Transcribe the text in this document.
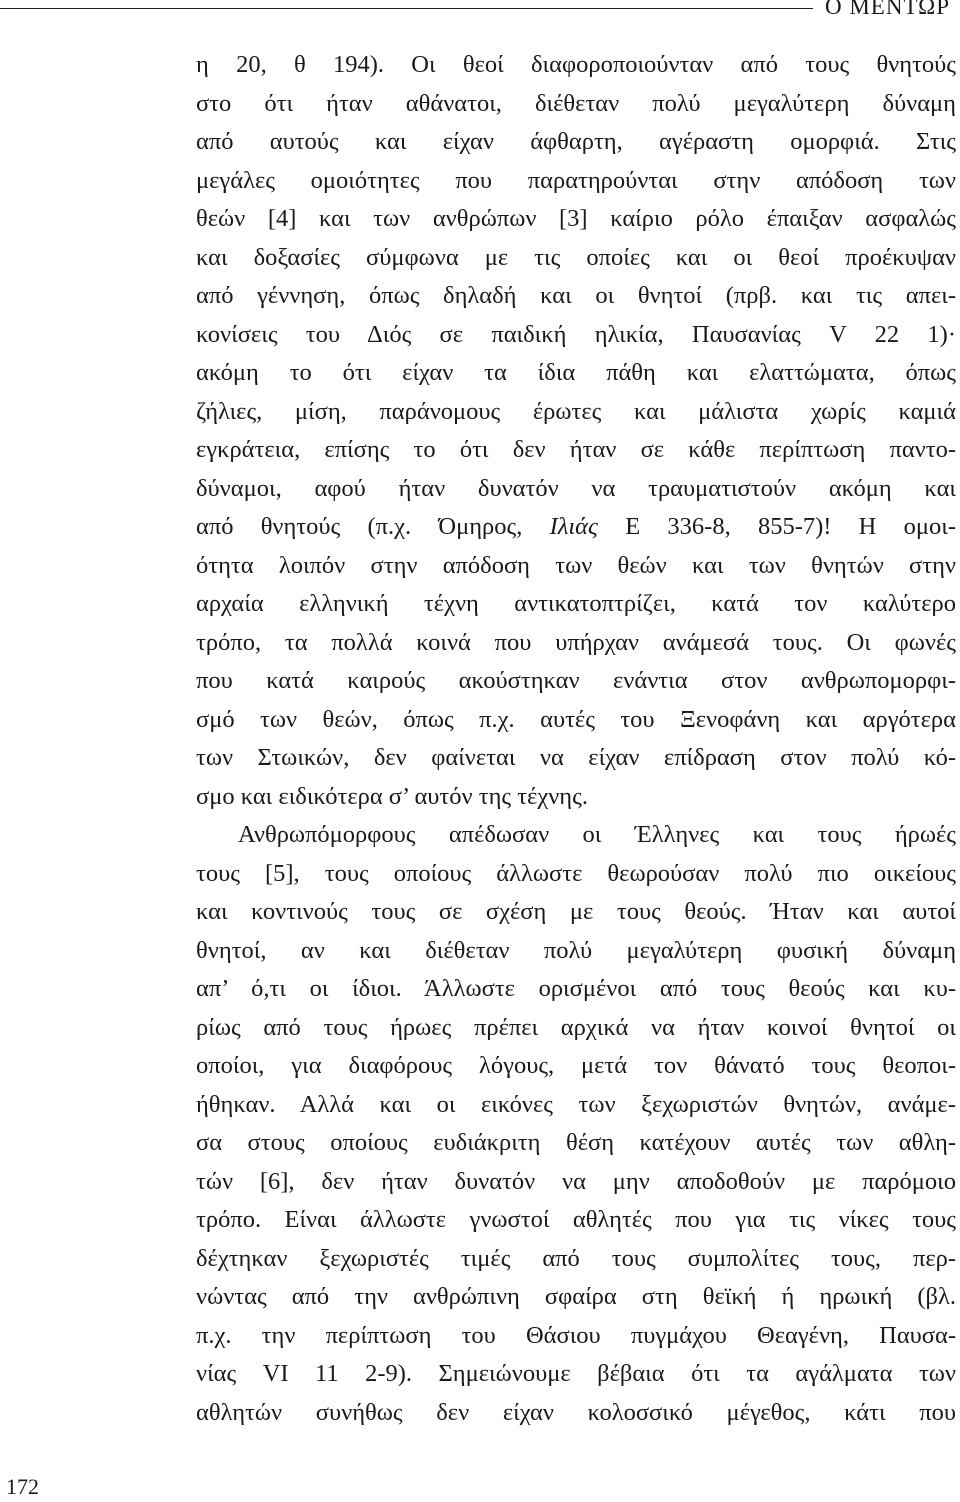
Ο ΜΕΝΤΩΡ
η 20, θ 194). Οι θεοί διαφοροποιούνταν από τους θνητούς
στο ότι ήταν αθάνατοι, διέθεταν πολύ μεγαλύτερη δύναμη
από αυτούς και είχαν άφθαρτη, αγέραστη ομορφιά. Στις
μεγάλες ομοιότητες που παρατηρούνται στην απόδοση των
θεών [4] και των ανθρώπων [3] καίριο ρόλο έπαιξαν ασφαλώς
και δοξασίες σύμφωνα με τις οποίες και οι θεοί προέκυψαν
από γέννηση, όπως δηλαδή και οι θνητοί (πρβ. και τις απει-
κονίσεις του Διός σε παιδική ηλικία, Παυσανίας V 22 1)·
ακόμη το ότι είχαν τα ίδια πάθη και ελαττώματα, όπως
ζήλιες, μίση, παράνομους έρωτες και μάλιστα χωρίς καμιά
εγκράτεια, επίσης το ότι δεν ήταν σε κάθε περίπτωση παντο-
δύναμοι, αφού ήταν δυνατόν να τραυματιστούν ακόμη και
από θνητούς (π.χ. Όμηρος, Ιλιάς Ε 336-8, 855-7)! Η ομοι-
ότητα λοιπόν στην απόδοση των θεών και των θνητών στην
αρχαία ελληνική τέχνη αντικατοπτρίζει, κατά τον καλύτερο
τρόπο, τα πολλά κοινά που υπήρχαν ανάμεσά τους. Οι φωνές
που κατά καιρούς ακούστηκαν ενάντια στον ανθρωπομορφι-
σμό των θεών, όπως π.χ. αυτές του Ξενοφάνη και αργότερα
των Στωικών, δεν φαίνεται να είχαν επίδραση στον πολύ κό-
σμο και ειδικότερα σ’ αυτόν της τέχνης.
Ανθρωπόμορφους απέδωσαν οι Έλληνες και τους ήρωές
τους [5], τους οποίους άλλωστε θεωρούσαν πολύ πιο οικείους
και κοντινούς τους σε σχέση με τους θεούς. Ήταν και αυτοί
θνητοί, αν και διέθεταν πολύ μεγαλύτερη φυσική δύναμη
απ’ ό,τι οι ίδιοι. Άλλωστε ορισμένοι από τους θεούς και κυ-
ρίως από τους ήρωες πρέπει αρχικά να ήταν κοινοί θνητοί οι
οποίοι, για διαφόρους λόγους, μετά τον θάνατό τους θεοποι-
ήθηκαν. Αλλά και οι εικόνες των ξεχωριστών θνητών, ανάμε-
σα στους οποίους ευδιάκριτη θέση κατέχουν αυτές των αθλη-
τών [6], δεν ήταν δυνατόν να μην αποδοθούν με παρόμοιο
τρόπο. Είναι άλλωστε γνωστοί αθλητές που για τις νίκες τους
δέχτηκαν ξεχωριστές τιμές από τους συμπολίτες τους, περ-
νώντας από την ανθρώπινη σφαίρα στη θεϊκή ή ηρωική (βλ.
π.χ. την περίπτωση του Θάσιου πυγμάχου Θεαγένη, Παυσα-
νίας VI 11 2-9). Σημειώνουμε βέβαια ότι τα αγάλματα των
αθλητών συνήθως δεν είχαν κολοσσικό μέγεθος, κάτι που
172
